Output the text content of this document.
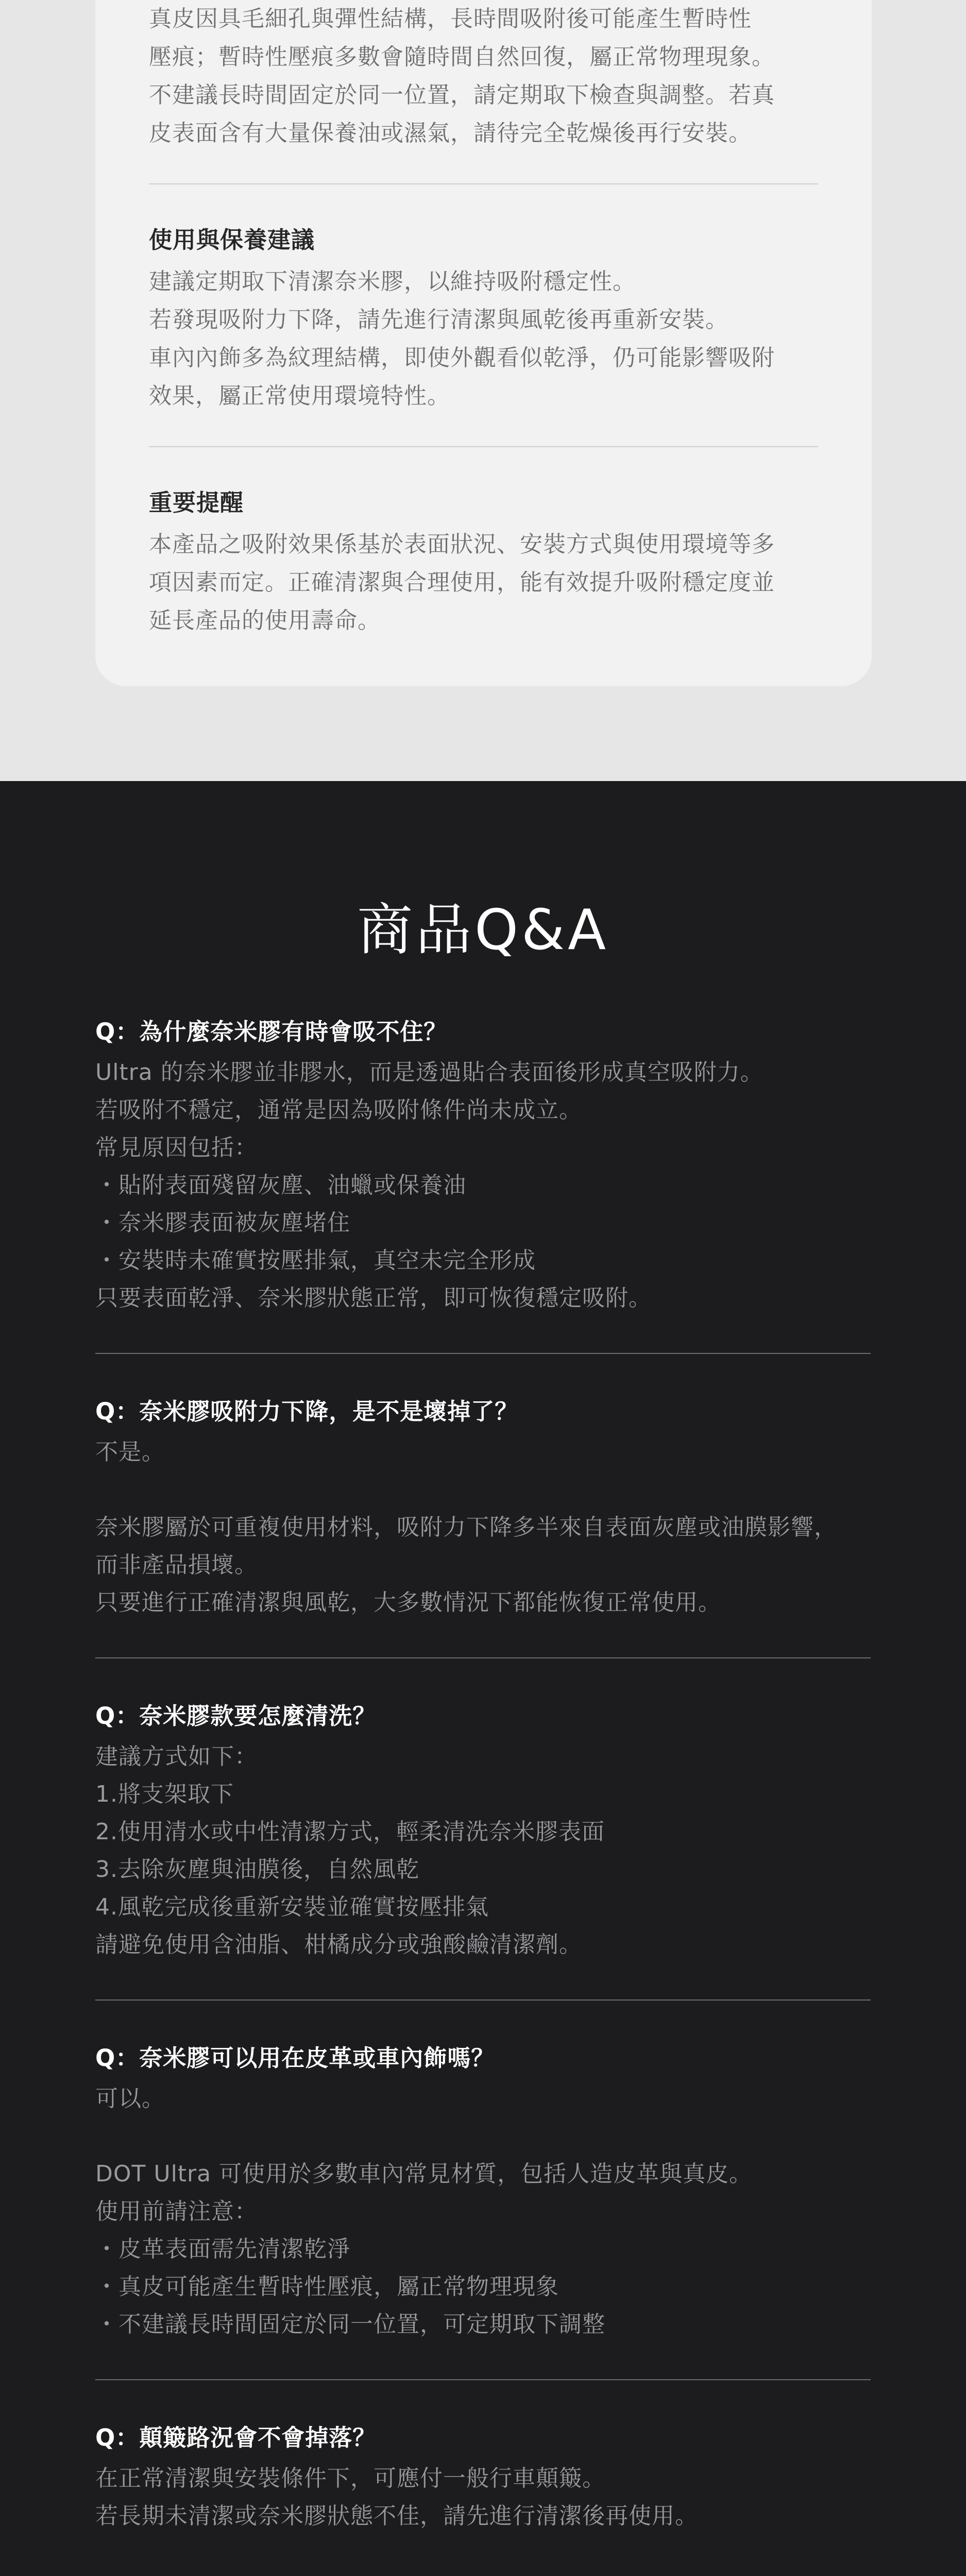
真皮因具毛細孔與彈性結構，長時間吸附後可能產生暫時性

壓痕；暫時性壓痕多數會隨時間自然回復，屬正常物理現象。

不建議長時間固定於同一位置，請定期取下檢查與調整。若真

皮表面含有大量保養油或濕氣，請待完全乾燥後再行安裝。

使用與保養建議

建議定期取下清潔奈米膠，以維持吸附穩定性。

若發現吸附力下降，請先進行清潔與風乾後再重新安裝。

車內內飾多為紋理結構，即使外觀看似乾淨，仍可能影響吸附

效果，屬正常使用環境特性。

重要提醒

本產品之吸附效果係基於表面狀況、安裝方式與使用環境等多

項因素而定。正確清潔與合理使用，能有效提升吸附穩定度並

延長產品的使用壽命。

商品Q&A
Q：為什麼奈米膠有時會吸不住？

Ultra 的奈米膠並非膠水，而是透過貼合表面後形成真空吸附力。

若吸附不穩定，通常是因為吸附條件尚未成立。

常見原因包括：

・貼附表面殘留灰塵、油蠟或保養油

・奈米膠表面被灰塵堵住

・安裝時未確實按壓排氣，真空未完全形成

只要表面乾淨、奈米膠狀態正常，即可恢復穩定吸附。

Q：奈米膠吸附力下降，是不是壞掉了？

不是。

奈米膠屬於可重複使用材料，吸附力下降多半來自表面灰塵或油膜影響，

而非產品損壞。

只要進行正確清潔與風乾，大多數情況下都能恢復正常使用。

Q：奈米膠款要怎麼清洗？

建議方式如下：

1.將支架取下

2.使用清水或中性清潔方式，輕柔清洗奈米膠表面

3.去除灰塵與油膜後，自然風乾

4.風乾完成後重新安裝並確實按壓排氣

請避免使用含油脂、柑橘成分或強酸鹼清潔劑。

Q：奈米膠可以用在皮革或車內飾嗎？

可以。

DOT Ultra 可使用於多數車內常見材質，包括人造皮革與真皮。

使用前請注意：

・皮革表面需先清潔乾淨

・真皮可能產生暫時性壓痕，屬正常物理現象

・不建議長時間固定於同一位置，可定期取下調整

Q：顛簸路況會不會掉落？

在正常清潔與安裝條件下，可應付一般行車顛簸。

若長期未清潔或奈米膠狀態不佳，請先進行清潔後再使用。
